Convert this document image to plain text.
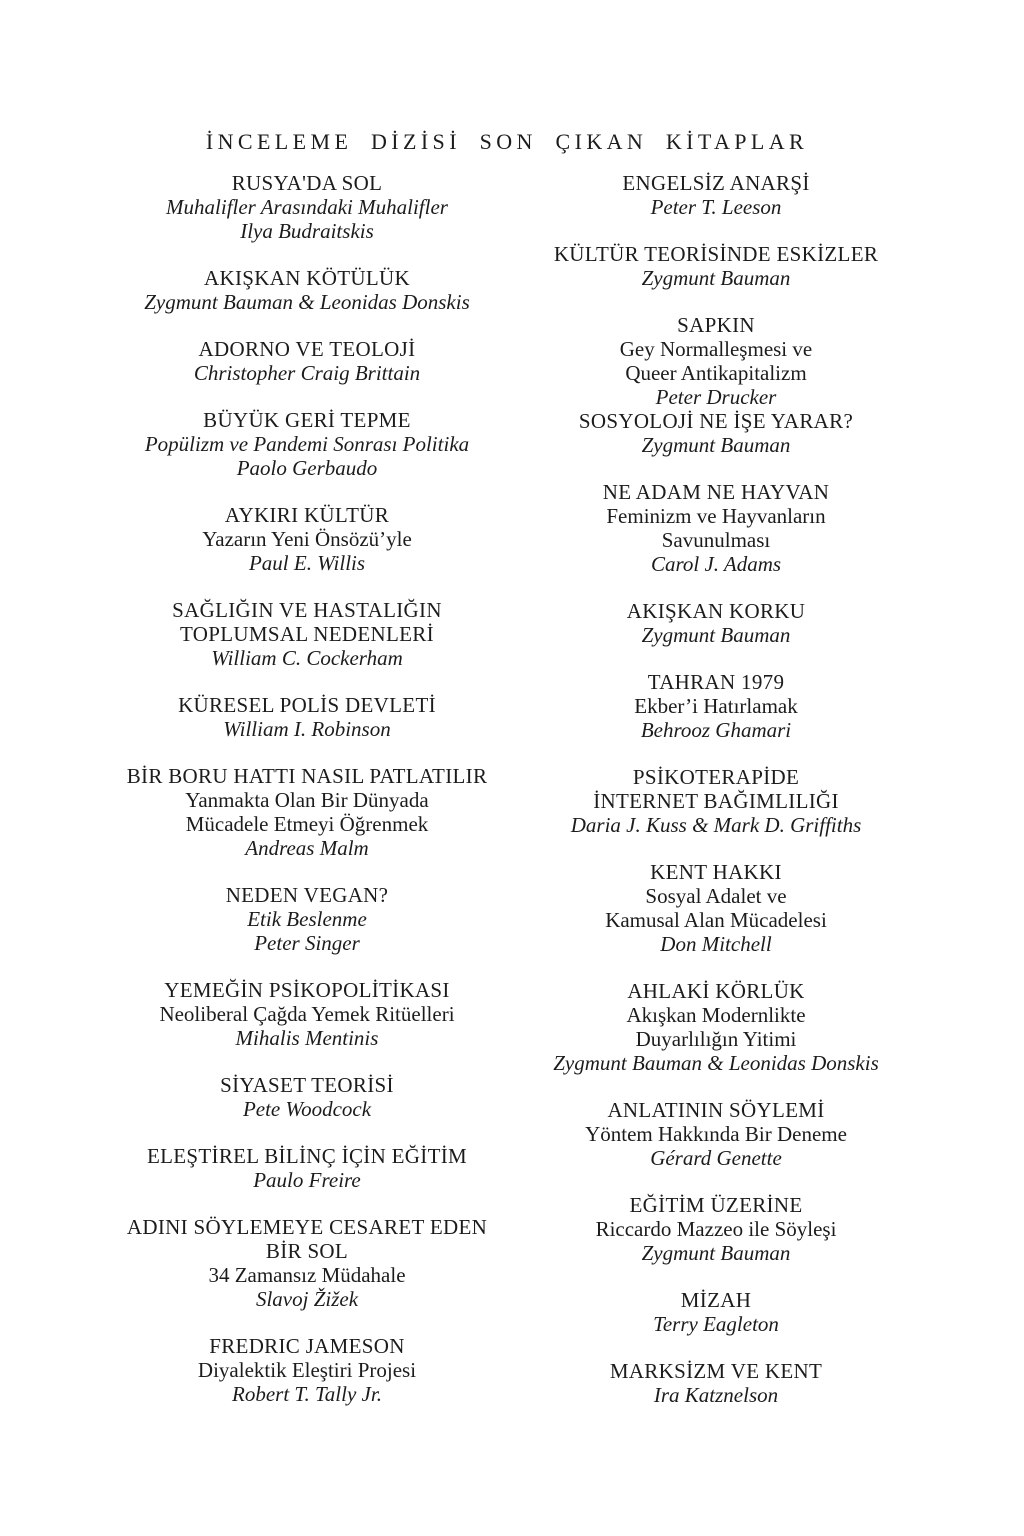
İNCELEME DİZİSİ SON ÇIKAN KİTAPLAR
RUSYA'DA SOL
Muhalifler Arasındaki Muhalifler
Ilya Budraitskis
AKIŞKAN KÖTÜLÜK
Zygmunt Bauman & Leonidas Donskis
ADORNO VE TEOLOJİ
Christopher Craig Brittain
BÜYÜK GERİ TEPME
Popülizm ve Pandemi Sonrası Politika
Paolo Gerbaudo
AYKIRI KÜLTÜR
Yazarın Yeni Önsözü’yle
Paul E. Willis
SAĞLIĞIN VE HASTALIĞIN
TOPLUMSAL NEDENLERİ
William C. Cockerham
KÜRESEL POLİS DEVLETİ
William I. Robinson
BİR BORU HATTI NASIL PATLATILIR
Yanmakta Olan Bir Dünyada
Mücadele Etmeyi Öğrenmek
Andreas Malm
NEDEN VEGAN?
Etik Beslenme
Peter Singer
YEMEĞİN PSİKOPOLİTİKASI
Neoliberal Çağda Yemek Ritüelleri
Mihalis Mentinis
SİYASET TEORİSİ
Pete Woodcock
ELEŞTİREL BİLİNÇ İÇİN EĞİTİM
Paulo Freire
ADINI SÖYLEMEYE CESARET EDEN
BİR SOL
34 Zamansız Müdahale
Slavoj Žižek
FREDRIC JAMESON
Diyalektik Eleştiri Projesi
Robert T. Tally Jr.
ENGELSİZ ANARŞİ
Peter T. Leeson
KÜLTÜR TEORİSİNDE ESKİZLER
Zygmunt Bauman
SAPKIN
Gey Normalleşmesi ve
Queer Antikapitalizm
Peter Drucker
SOSYOLOJİ NE İŞE YARAR?
Zygmunt Bauman
NE ADAM NE HAYVAN
Feminizm ve Hayvanların
Savunulması
Carol J. Adams
AKIŞKAN KORKU
Zygmunt Bauman
TAHRAN 1979
Ekber’i Hatırlamak
Behrooz Ghamari
PSİKOTERAPİDE
İNTERNET BAĞIMLILIĞI
Daria J. Kuss & Mark D. Griffiths
KENT HAKKI
Sosyal Adalet ve
Kamusal Alan Mücadelesi
Don Mitchell
AHLAKİ KÖRLÜK
Akışkan Modernlikte
Duyarlılığın Yitimi
Zygmunt Bauman & Leonidas Donskis
ANLATININ SÖYLEMİ
Yöntem Hakkında Bir Deneme
Gérard Genette
EĞİTİM ÜZERİNE
Riccardo Mazzeo ile Söyleşi
Zygmunt Bauman
MİZAH
Terry Eagleton
MARKSİZM VE KENT
Ira Katznelson
